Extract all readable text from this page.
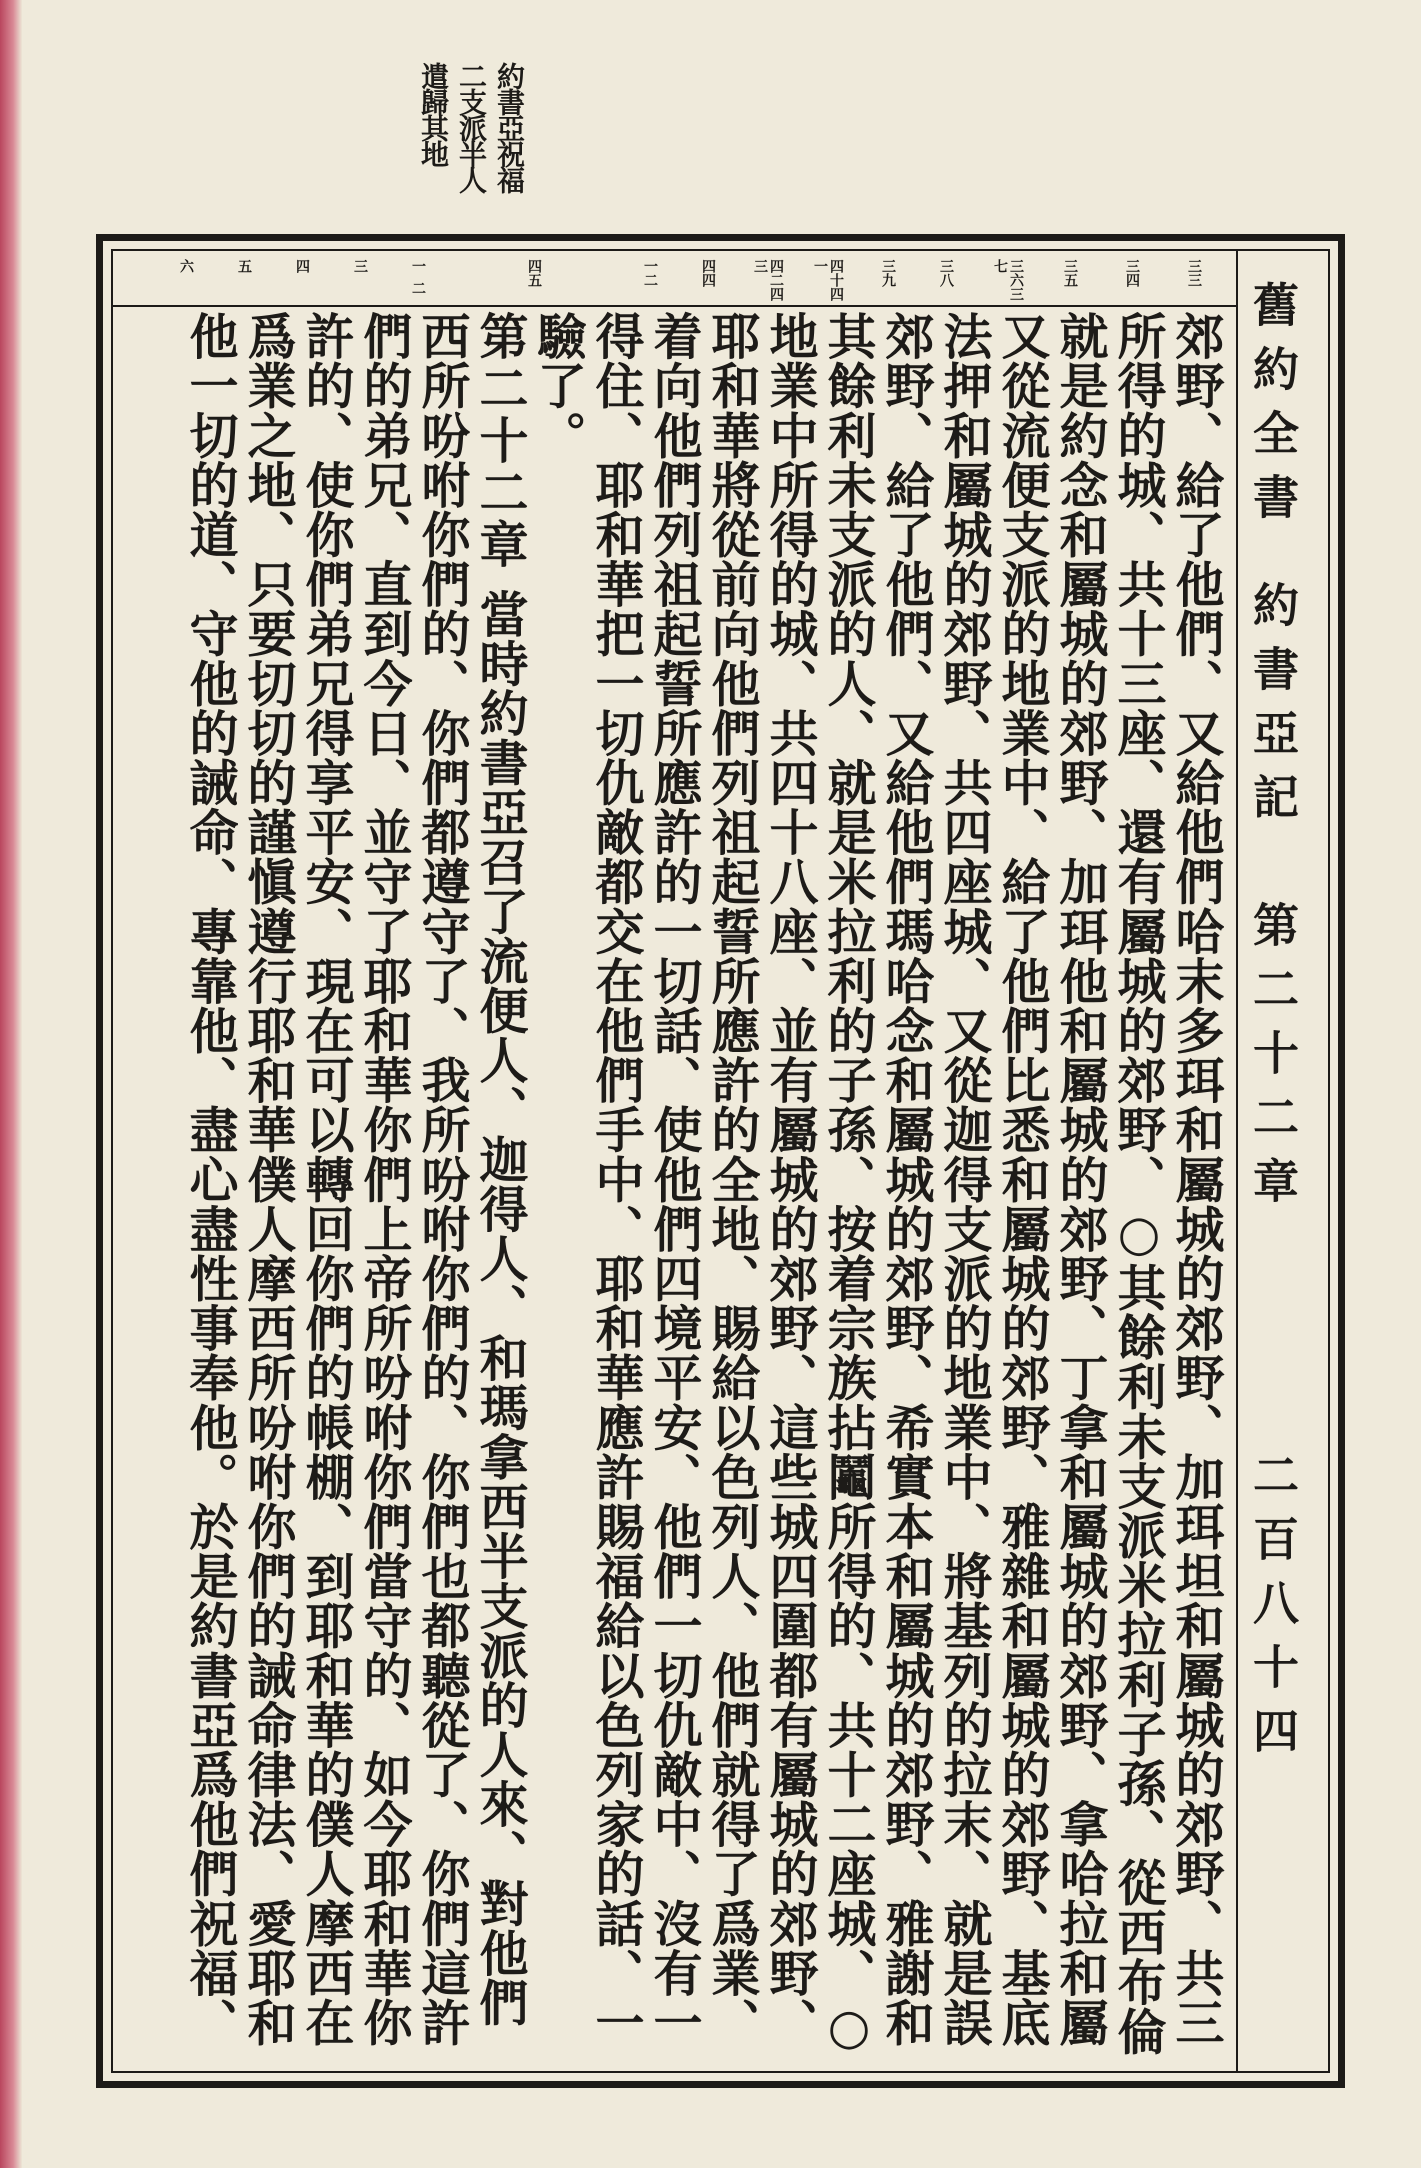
約書亞祝福
二支派半人
遣歸其地
舊約全書
約書亞記
第二十二章
二百八十四
三三
三四
三五
三六三七
三八
三九
四十四一
四二四三
四四
一二
四五
一
二
三
四
五
六
郊野、給了他們、又給他們哈末多珥和屬城的郊野、加珥坦和屬城的郊野、共三
所得的城、共十三座、還有屬城的郊野、○其餘利未支派米拉利子孫、從西布倫
就是約念和屬城的郊野、加珥他和屬城的郊野、丁拿和屬城的郊野、拿哈拉和屬
又從流便支派的地業中、給了他們比悉和屬城的郊野、雅雜和屬城的郊野、基底
法押和屬城的郊野、共四座城、又從迦得支派的地業中、將基列的拉末、就是誤
郊野、給了他們、又給他們瑪哈念和屬城的郊野、希實本和屬城的郊野、雅謝和
其餘利未支派的人、就是米拉利的子孫、按着宗族拈鬮所得的、共十二座城、○
地業中所得的城、共四十八座、並有屬城的郊野、這些城四圍都有屬城的郊野、
耶和華將從前向他們列祖起誓所應許的全地、賜給以色列人、他們就得了爲業、
着向他們列祖起誓所應許的一切話、使他們四境平安、他們一切仇敵中、沒有一
得住、耶和華把一切仇敵都交在他們手中、耶和華應許賜福給以色列家的話、一
驗了。
第二十二章 當時約書亞召了流便人、迦得人、和瑪拿西半支派的人來、對他們
西所吩咐你們的、你們都遵守了、我所吩咐你們的、你們也都聽從了、你們這許
們的弟兄、直到今日、並守了耶和華你們上帝所吩咐你們當守的、如今耶和華你
許的、使你們弟兄得享平安、現在可以轉回你們的帳棚、到耶和華的僕人摩西在
爲業之地、只要切切的謹愼遵行耶和華僕人摩西所吩咐你們的誡命律法、愛耶和
他一切的道、守他的誡命、專靠他、盡心盡性事奉他。於是約書亞爲他們祝福、
